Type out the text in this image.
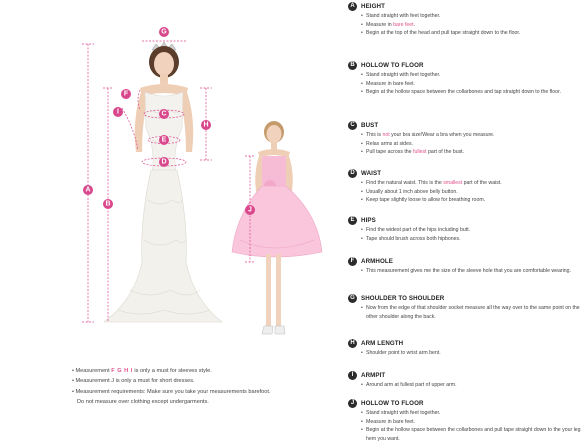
G
F
I	C
H
E
D
A
B
J
• Measurement F G H I is only a must for sleeves style.
• Measurement J is only a must for short dresses.
• Measurement requirements: Make sure you take your measurements barefoot.
Do not measure over clothing except undergarments.
A	HEIGHT
• Stand straight with feet together.
• Measure in bare feet.
• Begin at the top of the head and pull tape straight down to the floor.
B	HOLLOW TO FLOOR
• Stand straight with feet together.
• Measure in bare feet.
• Begin at the hollow space between the collarbones and tap straight down to the floor.
C	BUST
• This is not your bra size!Wear a bra when you measure.
• Relax arms at sides.
• Pull tape across the fullest part of the bust.
D	WAIST
• Find the natural waist. This is the smallest part of the waist.
• Usually about 1 inch above belly button.
• Keep tape slightly loose to allow for breathing room.
E	HIPS
• Find the widest part of the hips including butt.
• Tape should brush across both hipbones.
F	ARMHOLE
• This measurement gives me the size of the sleeve hole that you are comfortable wearing.
G SHOULDER TO SHOULDER
• Now from the edge of that shoulder socket measure all the way over to the same point on the other shoulder along the back.
H	ARM LENGTH
• Shoulder point to wrist arm bent.
I	ARMPIT
• Around arm at fullest part of upper arm.
J	HOLLOW TO FLOOR
• Stand straight with feet together.
• Measure in bare feet.
• Begin at the hollow space between the collarbones and pull tape straight down to the your leg hem you want.
